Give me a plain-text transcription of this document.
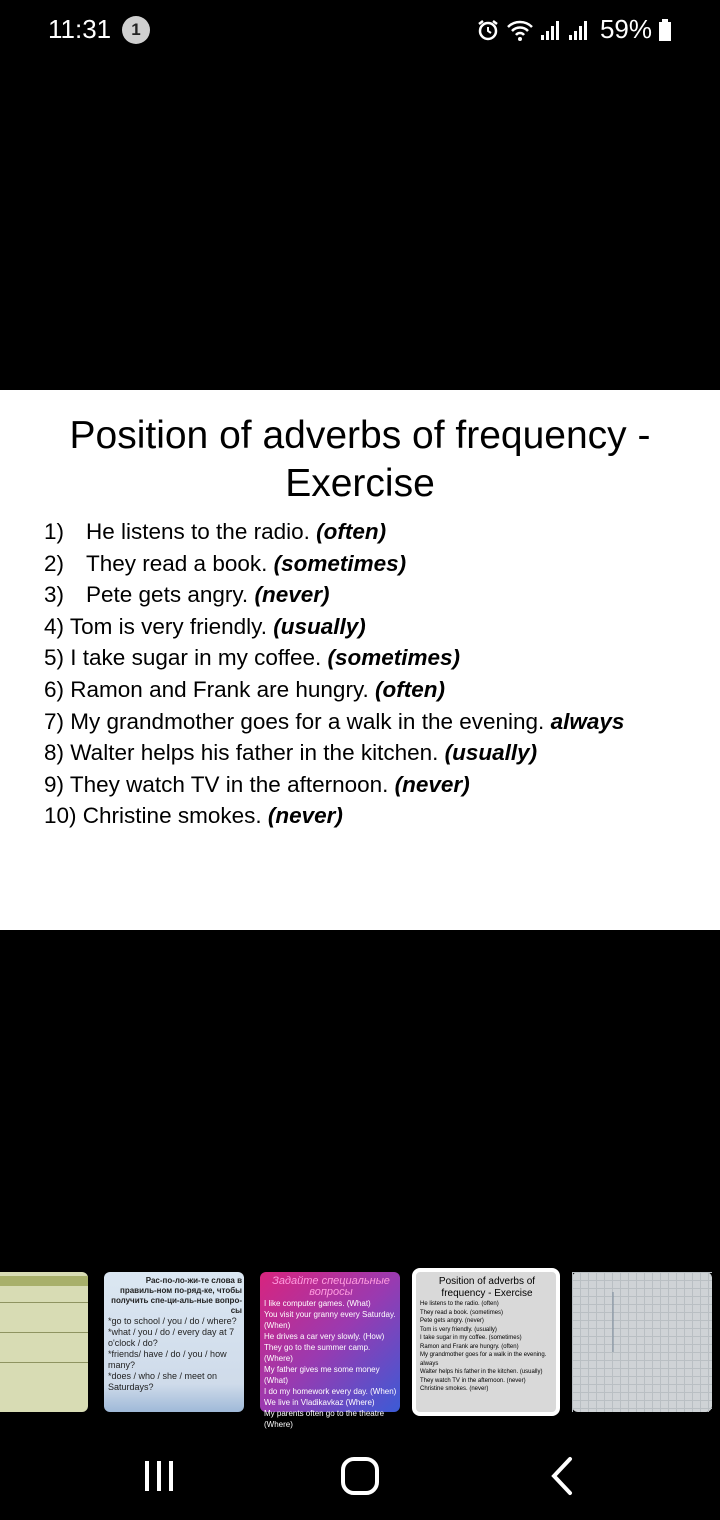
11:31	1	59%
Position of adverbs of frequency -
Exercise
1) He listens to the radio. (often)
2) They read a book. (sometimes)
3) Pete gets angry. (never)
4) Tom is very friendly. (usually)
5) I take sugar in my coffee. (sometimes)
6) Ramon and Frank are hungry. (often)
7) My grandmother goes for a walk in the evening. always
8) Walter helps his father in the kitchen. (usually)
9) They watch TV in the afternoon. (never)
10) Christine smokes. (never)
Рас-по-ло-жи-те слова в правиль-ном по-ряд-ке, чтобы получить спе-ци-аль-ные вопро-сы
*go to school / you / do / where?
*what / you / do / every day at 7 o'clock / do?
*friends/ have / do / you / how many?
*does / who / she / meet on Saturdays?
Задайте специальные вопросы
I like computer games. (What)
You visit your granny every Saturday. (When)
He drives a car very slowly. (How)
They go to the summer camp. (Where)
My father gives me some money (What)
I do my homework every day. (When)
We live in Vladikavkaz (Where)
My parents often go to the theatre (Where)
Position of adverbs of frequency - Exercise
He listens to the radio. (often)
They read a book. (sometimes)
Pete gets angry. (never)
Tom is very friendly. (usually)
I take sugar in my coffee. (sometimes)
Ramon and Frank are hungry. (often)
My grandmother goes for a walk in the evening. always
Walter helps his father in the kitchen. (usually)
They watch TV in the afternoon. (never)
Christine smokes. (never)
